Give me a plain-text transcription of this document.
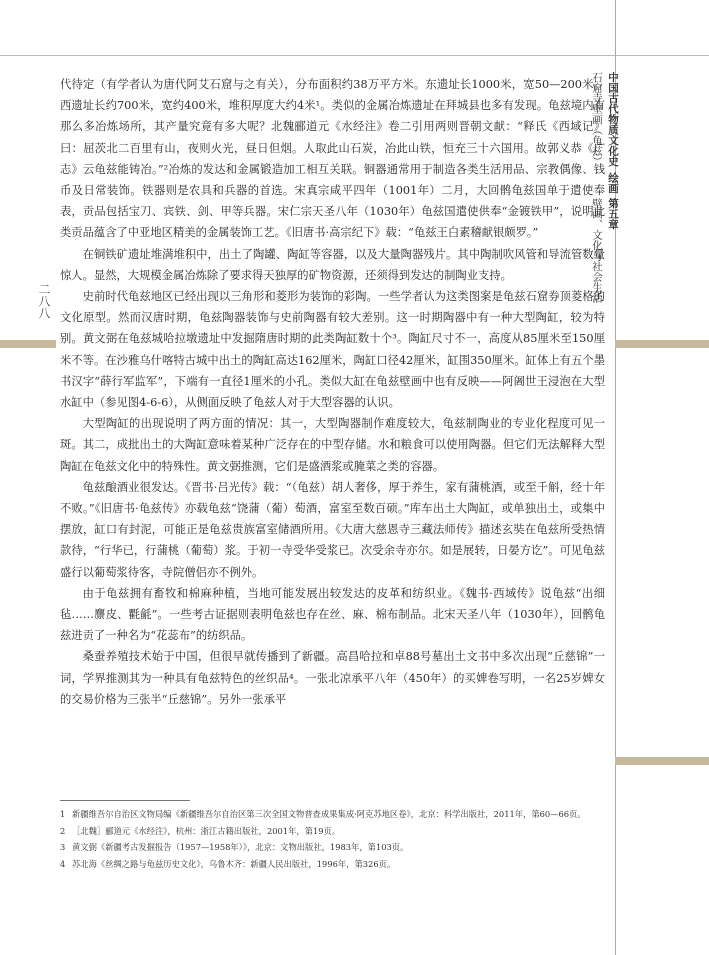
二八八
中国古代物质文化史绘画
石窟寺壁画（龟兹）
第五章
壁画、文化与社会生活

代待定（有学者认为唐代阿艾石窟与之有关），分布面积约38万平方米。东遗址长1000米，宽50—200米。西遗址长约700米，宽约400米，堆积厚度大约4米¹。类似的金属冶炼遗址在拜城县也多有发现。龟兹境内有那么多冶炼场所，其产量究竟有多大呢？北魏郦道元《水经注》卷二引用两则晋朝文献：“释氏《西域记》曰：屈茨北二百里有山，夜则火光，昼日但烟。人取此山石炭，冶此山铁，恒充三十六国用。故郭义恭《广志》云龟兹能铸冶。”²冶炼的发达和金属锻造加工相互关联。铜器通常用于制造各类生活用品、宗教偶像、钱币及日常装饰。铁器则是农具和兵器的首选。宋真宗咸平四年（1001年）二月，大回鹘龟兹国单于遣使奉表，贡品包括宝刀、宾铁、剑、甲等兵器。宋仁宗天圣八年（1030年）龟兹国遣使供奉“金镀铁甲”，说明此类贡品蕴含了中亚地区精美的金属装饰工艺。《旧唐书·高宗纪下》载：“龟兹王白素稽献银颇罗。”

在铜铁矿遗址堆满堆积中，出土了陶罐、陶缸等容器，以及大量陶器残片。其中陶制吹风管和导流管数量惊人。显然，大规模金属冶炼除了要求得天独厚的矿物资源，还须得到发达的制陶业支持。

史前时代龟兹地区已经出现以三角形和菱形为装饰的彩陶。一些学者认为这类图案是龟兹石窟券顶菱格的文化原型。然而汉唐时期，龟兹陶器装饰与史前陶器有较大差别。这一时期陶器中有一种大型陶缸，较为特别。黄文弼在龟兹城哈拉墩遗址中发掘隋唐时期的此类陶缸数十个³。陶缸尺寸不一，高度从85厘米至150厘米不等。在沙雅乌什喀特古城中出土的陶缸高达162厘米，陶缸口径42厘米，缸围350厘米。缸体上有五个墨书汉字“薛行军监军”，下端有一直径1厘米的小孔。类似大缸在龟兹壁画中也有反映——阿阇世王浸泡在大型水缸中（参见图4-6-6），从侧面反映了龟兹人对于大型容器的认识。

大型陶缸的出现说明了两方面的情况：其一，大型陶器制作难度较大，龟兹制陶业的专业化程度可见一斑。其二，成批出土的大陶缸意味着某种广泛存在的中型存储。水和粮食可以使用陶器。但它们无法解释大型陶缸在龟兹文化中的特殊性。黄文弼推测，它们是盛酒浆或腌菜之类的容器。

龟兹酿酒业很发达。《晋书·吕光传》载：“（龟兹）胡人奢侈，厚于养生，家有蒲桃酒，或至千斛，经十年不败。”《旧唐书·龟兹传》亦载龟兹“饶蒲（葡）萄酒，富室至数百硕。”库车出土大陶缸，或单独出土，或集中摆放，缸口有封泥，可能正是龟兹贵族富室储酒所用。《大唐大慈恩寺三藏法师传》描述玄奘在龟兹所受热情款待，“行华已，行蒲桃（葡萄）浆。于初一寺受华受浆已。次受余寺亦尔。如是展转，日晏方讫”。可见龟兹盛行以葡萄浆待客，寺院僧侣亦不例外。

由于龟兹拥有畜牧和棉麻种植，当地可能发展出较发达的皮革和纺织业。《魏书·西域传》说龟兹“出细毡……麖皮、氍毹”。一些考古证据则表明龟兹也存在丝、麻、棉布制品。北宋天圣八年（1030年），回鹘龟兹进贡了一种名为“花蕊布”的纺织品。

桑蚕养殖技术始于中国，但很早就传播到了新疆。高昌哈拉和卓88号墓出土文书中多次出现“丘慈锦”一词，学界推测其为一种具有龟兹特色的丝织品⁴。一张北凉承平八年（450年）的买婢卷写明，一名25岁婢女的交易价格为三张半“丘慈锦”。另外一张承平

1 新疆维吾尔自治区文物局编《新疆维吾尔自治区第三次全国文物普查成果集成·阿克苏地区卷》，北京：科学出版社，2011年，第60—66页。

2 ［北魏］郦道元《水经注》，杭州：浙江古籍出版社，2001年，第19页。

3 黄文弼《新疆考古发掘报告（1957—1958年）》，北京：文物出版社，1983年，第103页。

4 苏北海《丝绸之路与龟兹历史文化》，乌鲁木齐：新疆人民出版社，1996年，第326页。
